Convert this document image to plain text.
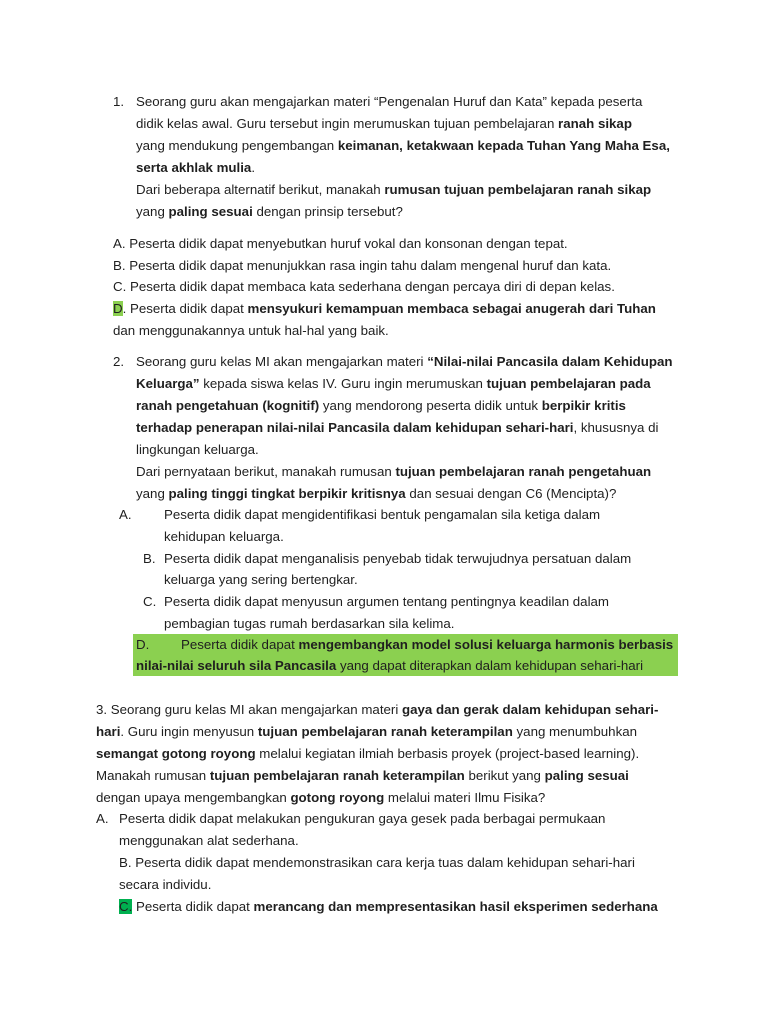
1. Seorang guru akan mengajarkan materi “Pengenalan Huruf dan Kata” kepada peserta
didik kelas awal. Guru tersebut ingin merumuskan tujuan pembelajaran ranah sikap
yang mendukung pengembangan keimanan, ketakwaan kepada Tuhan Yang Maha Esa,
serta akhlak mulia.
Dari beberapa alternatif berikut, manakah rumusan tujuan pembelajaran ranah sikap
yang paling sesuai dengan prinsip tersebut?
A. Peserta didik dapat menyebutkan huruf vokal dan konsonan dengan tepat.
B. Peserta didik dapat menunjukkan rasa ingin tahu dalam mengenal huruf dan kata.
C. Peserta didik dapat membaca kata sederhana dengan percaya diri di depan kelas.
D. Peserta didik dapat mensyukuri kemampuan membaca sebagai anugerah dari Tuhan
dan menggunakannya untuk hal-hal yang baik.
2. Seorang guru kelas MI akan mengajarkan materi “Nilai-nilai Pancasila dalam Kehidupan
Keluarga” kepada siswa kelas IV. Guru ingin merumuskan tujuan pembelajaran pada
ranah pengetahuan (kognitif) yang mendorong peserta didik untuk berpikir kritis
terhadap penerapan nilai-nilai Pancasila dalam kehidupan sehari-hari, khususnya di
lingkungan keluarga.
Dari pernyataan berikut, manakah rumusan tujuan pembelajaran ranah pengetahuan
yang paling tinggi tingkat berpikir kritisnya dan sesuai dengan C6 (Mencipta)?
A. Peserta didik dapat mengidentifikasi bentuk pengamalan sila ketiga dalam
kehidupan keluarga.
B. Peserta didik dapat menganalisis penyebab tidak terwujudnya persatuan dalam
keluarga yang sering bertengkar.
C. Peserta didik dapat menyusun argumen tentang pentingnya keadilan dalam
pembagian tugas rumah berdasarkan sila kelima.
D. Peserta didik dapat mengembangkan model solusi keluarga harmonis berbasis
nilai-nilai seluruh sila Pancasila yang dapat diterapkan dalam kehidupan sehari-hari
3. Seorang guru kelas MI akan mengajarkan materi gaya dan gerak dalam kehidupan sehari-
hari. Guru ingin menyusun tujuan pembelajaran ranah keterampilan yang menumbuhkan
semangat gotong royong melalui kegiatan ilmiah berbasis proyek (project-based learning).
Manakah rumusan tujuan pembelajaran ranah keterampilan berikut yang paling sesuai
dengan upaya mengembangkan gotong royong melalui materi Ilmu Fisika?
A. Peserta didik dapat melakukan pengukuran gaya gesek pada berbagai permukaan
menggunakan alat sederhana.
B. Peserta didik dapat mendemonstrasikan cara kerja tuas dalam kehidupan sehari-hari
secara individu.
C. Peserta didik dapat merancang dan mempresentasikan hasil eksperimen sederhana
